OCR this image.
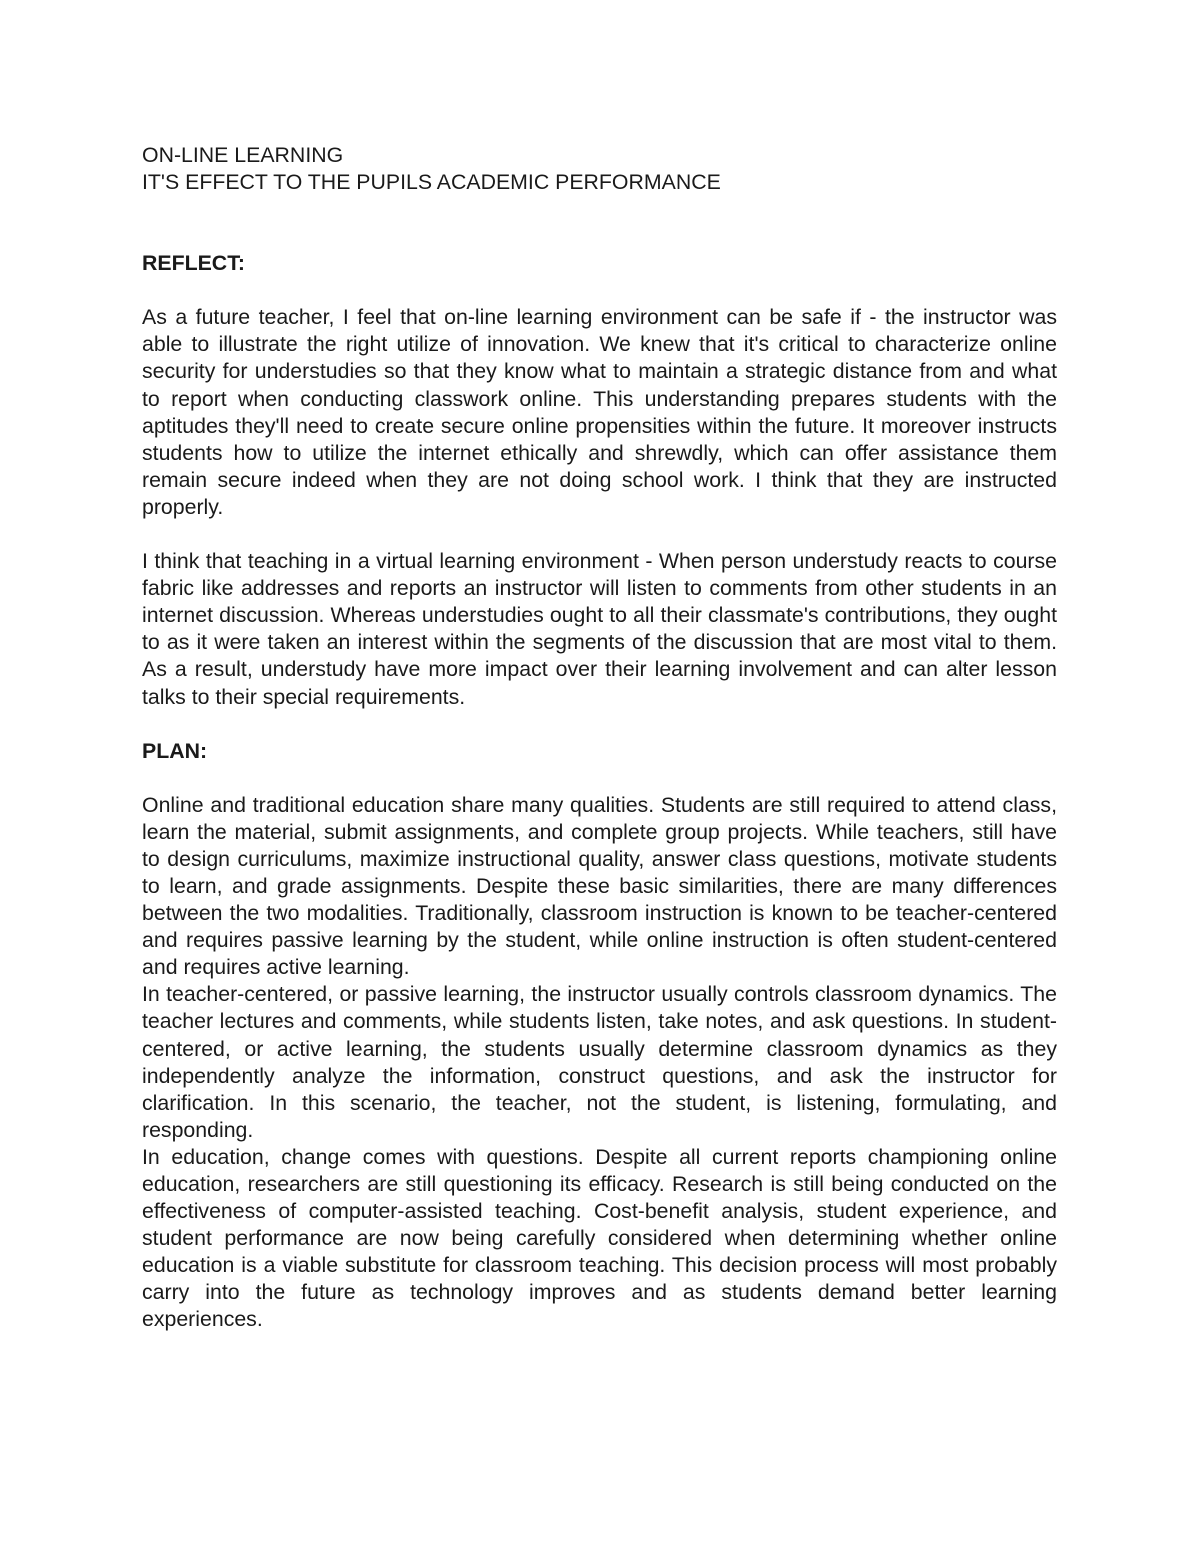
ON-LINE LEARNING
IT'S EFFECT TO THE PUPILS ACADEMIC PERFORMANCE

REFLECT:

As a future teacher, I feel that on-line learning environment can be safe if - the instructor was able to illustrate the right utilize of innovation. We knew that it's critical to characterize online security for understudies so that they know what to maintain a strategic distance from and what to report when conducting classwork online. This understanding prepares students with the aptitudes they'll need to create secure online propensities within the future. It moreover instructs students how to utilize the internet ethically and shrewdly, which can offer assistance them remain secure indeed when they are not doing school work. I think that they are instructed properly.

I think that teaching in a virtual learning environment - When person understudy reacts to course fabric like addresses and reports an instructor will listen to comments from other students in an internet discussion. Whereas understudies ought to all their classmate's contributions, they ought to as it were taken an interest within the segments of the discussion that are most vital to them. As a result, understudy have more impact over their learning involvement and can alter lesson talks to their special requirements.

PLAN:

Online and traditional education share many qualities. Students are still required to attend class, learn the material, submit assignments, and complete group projects. While teachers, still have to design curriculums, maximize instructional quality, answer class questions, motivate students to learn, and grade assignments. Despite these basic similarities, there are many differences between the two modalities. Traditionally, classroom instruction is known to be teacher-centered and requires passive learning by the student, while online instruction is often student-centered and requires active learning.

In teacher-centered, or passive learning, the instructor usually controls classroom dynamics. The teacher lectures and comments, while students listen, take notes, and ask questions. In student-centered, or active learning, the students usually determine classroom dynamics as they independently analyze the information, construct questions, and ask the instructor for clarification. In this scenario, the teacher, not the student, is listening, formulating, and responding.

In education, change comes with questions. Despite all current reports championing online education, researchers are still questioning its efficacy. Research is still being conducted on the effectiveness of computer-assisted teaching. Cost-benefit analysis, student experience, and student performance are now being carefully considered when determining whether online education is a viable substitute for classroom teaching. This decision process will most probably carry into the future as technology improves and as students demand better learning experiences.
